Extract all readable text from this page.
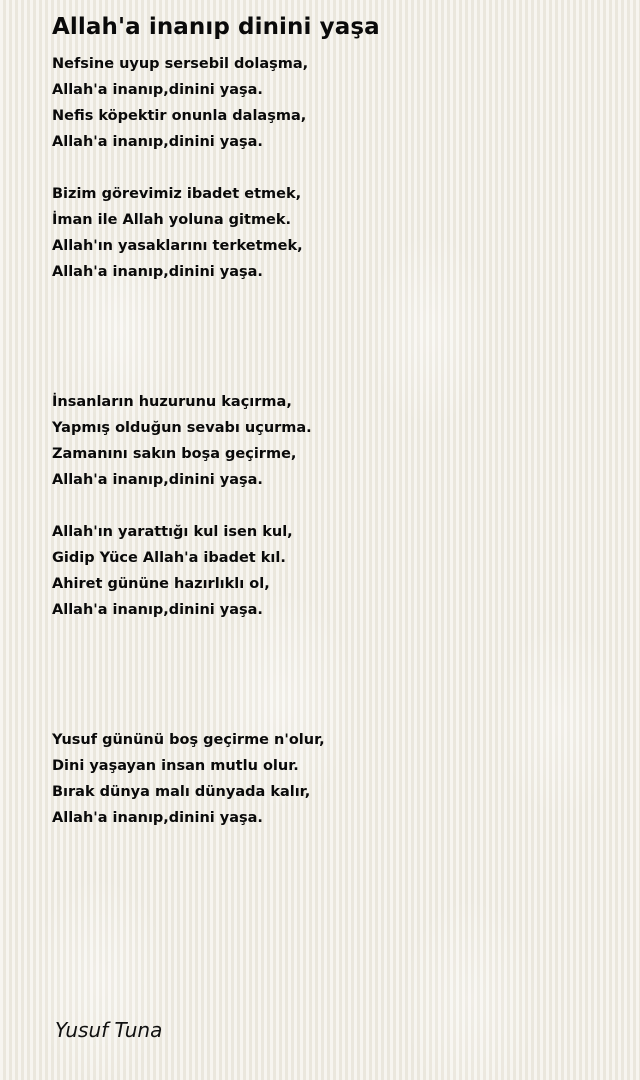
Allah'a inanıp dinini yaşa
Nefsine uyup sersebil dolaşma,
Allah'a inanıp,dinini yaşa.
Nefis köpektir onunla dalaşma,
Allah'a inanıp,dinini yaşa.
Bizim görevimiz ibadet etmek,
İman ile Allah yoluna gitmek.
Allah'ın yasaklarını terketmek,
Allah'a inanıp,dinini yaşa.
İnsanların huzurunu kaçırma,
Yapmış olduğun sevabı uçurma.
Zamanını sakın boşa geçirme,
Allah'a inanıp,dinini yaşa.
Allah'ın yarattığı kul isen kul,
Gidip Yüce Allah'a ibadet kıl.
Ahiret gününe hazırlıklı ol,
Allah'a inanıp,dinini yaşa.
Yusuf gününü boş geçirme n'olur,
Dini yaşayan insan mutlu olur.
Bırak dünya malı dünyada kalır,
Allah'a inanıp,dinini yaşa.
Yusuf Tuna
